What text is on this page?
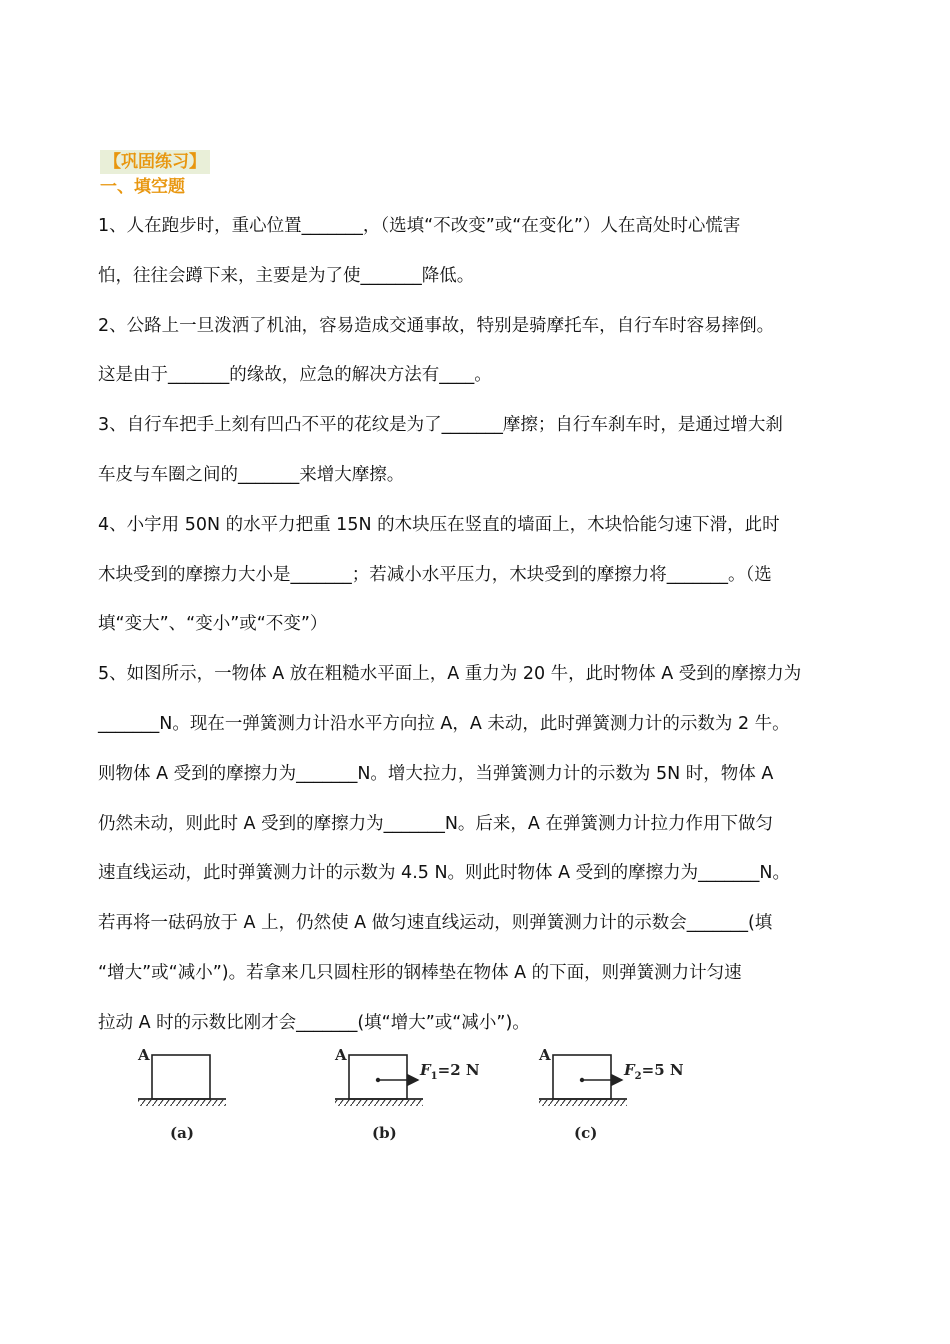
【巩固练习】
一、填空题

1、人在跑步时，重心位置_______，（选填“不改变”或“在变化”）人在高处时心慌害

怕，往往会蹲下来，主要是为了使_______降低。

2、公路上一旦泼洒了机油，容易造成交通事故，特别是骑摩托车，自行车时容易摔倒。

这是由于_______的缘故，应急的解决方法有____。

3、自行车把手上刻有凹凸不平的花纹是为了_______摩擦；自行车刹车时，是通过增大刹

车皮与车圈之间的_______来增大摩擦。

4、小宇用 50N 的水平力把重 15N 的木块压在竖直的墙面上，木块恰能匀速下滑，此时

木块受到的摩擦力大小是_______；若减小水平压力，木块受到的摩擦力将_______。（选

填“变大”、“变小”或“不变”）

5、如图所示，一物体 A 放在粗糙水平面上，A 重力为 20 牛，此时物体 A 受到的摩擦力为

_______N。现在一弹簧测力计沿水平方向拉 A，A 未动，此时弹簧测力计的示数为 2 牛。

则物体 A 受到的摩擦力为_______N。增大拉力，当弹簧测力计的示数为 5N 时，物体 A

仍然未动，则此时 A 受到的摩擦力为_______N。后来，A 在弹簧测力计拉力作用下做匀

速直线运动，此时弹簧测力计的示数为 4.5 N。则此时物体 A 受到的摩擦力为_______N。

若再将一砝码放于 A 上，仍然使 A 做匀速直线运动，则弹簧测力计的示数会_______(填

“增大”或“减小”)。若拿来几只圆柱形的钢棒垫在物体 A 的下面，则弹簧测力计匀速

拉动 A 时的示数比刚才会_______(填“增大”或“减小”)。

A
(a)
A
$F_1=2$ N
(b)
A
$F_2=5$ N
(c)
